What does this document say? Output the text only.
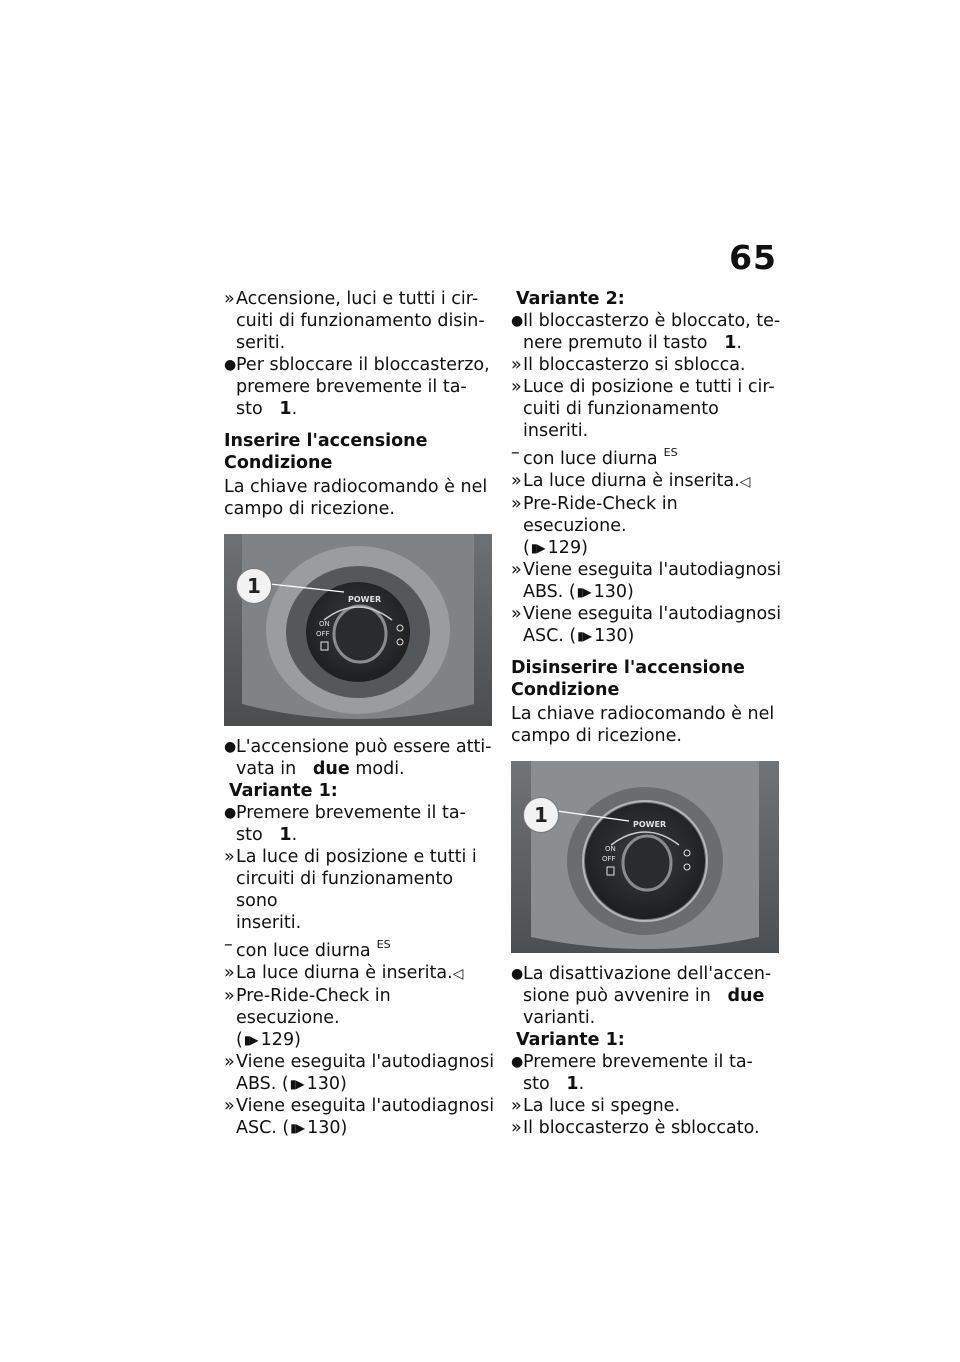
65
» Accensione, luci e tutti i cir-
cuiti di funzionamento disin-
seriti.
● Per sbloccare il bloccasterzo,
premere brevemente il ta-
sto 1.
Inserire l'accensione
Condizione
La chiave radiocomando è nel
campo di ricezione.
POWER
ON
OFF
1
● L'accensione può essere atti-
vata in due modi.
Variante 1:
● Premere brevemente il ta-
sto 1.
» La luce di posizione e tutti i
circuiti di funzionamento sono
inseriti.
– con luce diurna $^{ES}$
» La luce diurna è inserita.◁
» Pre-Ride-Check in esecuzione.
(▮▶ 129)
» Viene eseguita l'autodiagnosi
ABS. (▮▶ 130)
» Viene eseguita l'autodiagnosi
ASC. (▮▶ 130)
Variante 2:
● Il bloccasterzo è bloccato, te-
nere premuto il tasto 1.
» Il bloccasterzo si sblocca.
» Luce di posizione e tutti i cir-
cuiti di funzionamento inseriti.
– con luce diurna $^{ES}$
» La luce diurna è inserita.◁
» Pre-Ride-Check in esecuzione.
(▮▶ 129)
» Viene eseguita l'autodiagnosi
ABS. (▮▶ 130)
» Viene eseguita l'autodiagnosi
ASC. (▮▶ 130)
Disinserire l'accensione
Condizione
La chiave radiocomando è nel
campo di ricezione.
POWER
ON
OFF
1
● La disattivazione dell'accen-
sione può avvenire in due
varianti.
Variante 1:
● Premere brevemente il ta-
sto 1.
» La luce si spegne.
» Il bloccasterzo è sbloccato.
